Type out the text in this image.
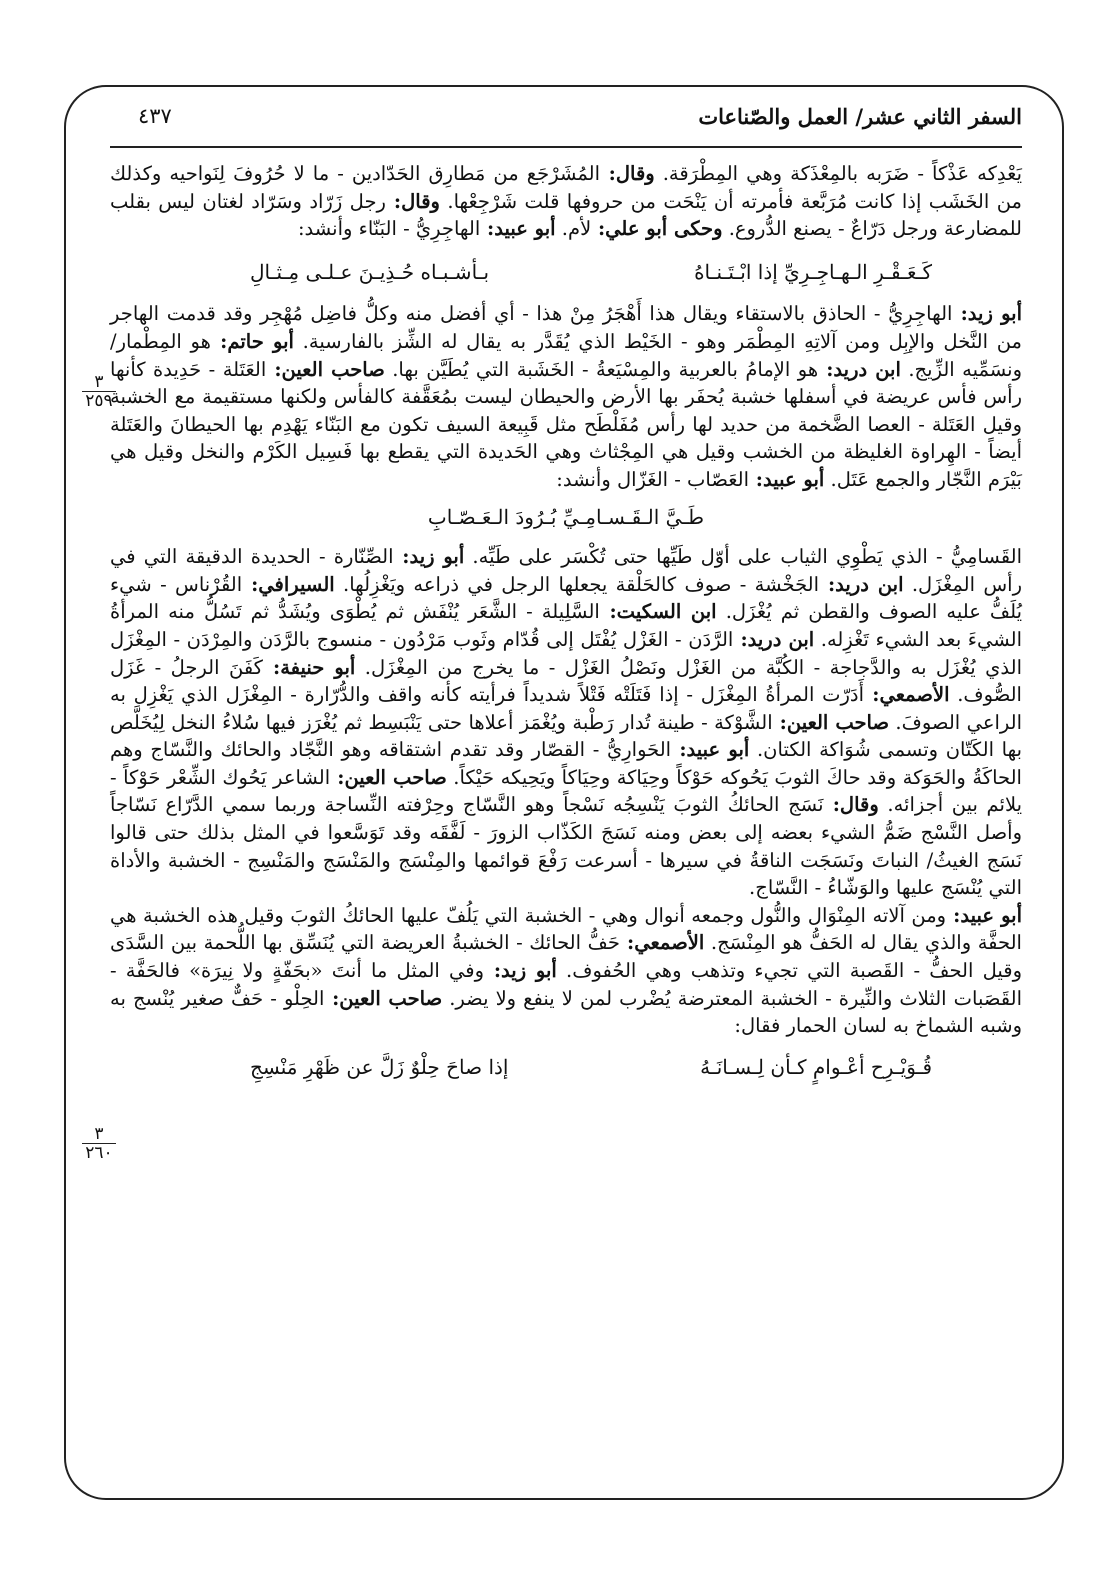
السفر الثاني عشر/ العمل والصّناعات
٤٣٧

يَعْدِكه عَذْكاً - ضَرَبه بالمِعْذَكة وهي المِطْرَقة. وقال: المُشَرْجَع من مَطارِق الحَدّادين - ما لا حُرُوفَ لِنَواحيه وكذلك من الخَشَب إذا كانت مُرَبَّعة فأمرته أن يَنْحَت من حروفها قلت شَرْجِعْها. وقال: رجل زَرّاد وسَرّاد لغتان ليس بقلب للمضارعة ورجل دَرّاعٌ - يصنع الدُّروع. وحكى أبو علي: لأم. أبو عبيد: الهاجِرِيُّ - البَنّاء وأنشد:

كَـعَـقْـرِ الـهـاجِـرِيِّ إذا ابْـتَـنـاهُ
بـأشـبـاه حُـذِيـنَ عـلـى مِـثـالِ

أبو زيد: الهاجِرِيُّ - الحاذق بالاستقاء ويقال هذا أَهْجَرُ مِنْ هذا - أي أفضل منه وكلُّ فاضِل مُهْجِر وقد قدمت الهاجر من النَّخل والإبِل ومن آلاتِهِ المِطْمَر وهو - الخَيْط الذي يُقَدَّر به يقال له الشِّز بالفارسية. أبو حاتم: هو المِطْمار/ ونسَمِّيه الزِّيج. ابن دريد: هو الإمامُ بالعربية والمِسْيَعةُ - الخَشَبة التي يُطَيَّن بها. صاحب العين: العَتَلة - حَدِيدة كأنها رأس فأس عريضة في أسفلها خشبة يُحفَر بها الأرض والحيطان ليست بمُعَقَّفة كالفأس ولكنها مستقيمة مع الخشبة وقيل العَتَلة - العصا الضَّخمة من حديد لها رأس مُفَلْطَح مثل قَبِيعة السيف تكون مع البَنّاء يَهْدِم بها الحيطانَ والعَتَلة أيضاً - الهِراوة الغليظة من الخشب وقيل هي المِجْثاث وهي الحَديدة التي يقطع بها فَسِيل الكَرْم والنخل وقيل هي بَيْرَم النَّجّار والجمع عَتَل. أبو عبيد: العَصّاب - الغَزّال وأنشد:

طَـيَّ الـقَـسـامِـيِّ بُـرُودَ الـعَـصّـابِ

القَسامِيُّ - الذي يَطْوِي الثياب على أوّل طَيِّها حتى تُكْسَر على طَيِّه. أبو زيد: الصِّنّارة - الحديدة الدقيقة التي في رأس المِغْزَل. ابن دريد: الجَخْشة - صوف كالحَلْقة يجعلها الرجل في ذراعه ويَغْزِلُها. السيرافي: القُرْناس - شيء يُلَفُّ عليه الصوف والقطن ثم يُغْزَل. ابن السكيت: السَّلِيلة - الشَّعَر يُنْفَش ثم يُطْوَى ويُشَدُّ ثم تَسُلُّ منه المرأةُ الشيءَ بعد الشيء تَغْزِله. ابن دريد: الرَّدَن - الغَزْل يُفْتَل إلى قُدّام وثَوب مَرْدُون - منسوج بالرَّدَن والمِرْدَن - المِغْزَل الذي يُغْزَل به والدَّجاجة - الكُبَّة من الغَزْل ونَصْلُ الغَزْل - ما يخرج من المِغْزَل. أبو حنيفة: كَفَنَ الرجلُ - غَزَل الصُّوف. الأصمعي: أَدَرّت المرأةُ المِغْزَل - إذا فَتَلَتْه فَتْلاً شديداً فرأيته كأنه واقف والدُّرّارة - المِغْزَل الذي يَغْزِل به الراعي الصوفَ. صاحب العين: الشَّوْكة - طينة تُدار رَطْبة ويُغْمَز أعلاها حتى يَنْبَسِط ثم يُغْرَز فيها سُلاءُ النخل لِيُخَلَّص بها الكَتّان وتسمى شُوَاكة الكتان. أبو عبيد: الحَوارِيُّ - القصّار وقد تقدم اشتقاقه وهو النَّجّاد والحائك والنَّسّاج وهم الحاكَةُ والحَوَكة وقد حاكَ الثوبَ يَحُوكه حَوْكاً وحِيَاكة وحِيَاكاً ويَحِيكه حَيْكاً. صاحب العين: الشاعر يَحُوك الشِّعْر حَوْكاً - يلائم بين أجزائه. وقال: نَسَج الحائكُ الثوبَ يَنْسِجُه نَسْجاً وهو النَّسّاج وحِرْفته النِّساجة وربما سمي الدَّرّاع نَسّاجاً وأصل النَّسْج ضَمُّ الشيء بعضه إلى بعض ومنه نَسَجَ الكَذّاب الزورَ - لَفَّقَه وقد تَوَسَّعوا في المثل بذلك حتى قالوا نَسَج الغيثُ/ النباتَ ونَسَجَت الناقةُ في سيرها - أسرعت رَفْعَ قوائمها والمِنْسَج والمَنْسَج والمَنْسِج - الخشبة والأداة التي يُنْسَج عليها والوَشّاءُ - النَّسّاج.

أبو عبيد: ومن آلاته المِنْوَال والنُّول وجمعه أنوال وهي - الخشبة التي يَلُفّ عليها الحائكُ الثوبَ وقيل هذه الخشبة هي الحفَّة والذي يقال له الحَفُّ هو المِنْسَج. الأصمعي: حَفُّ الحائك - الخشبةُ العريضة التي يُنَسِّق بها اللُّحمة بين السَّدَى وقيل الحفُّ - القَصبة التي تجيء وتذهب وهي الحُفوف. أبو زيد: وفي المثل ما أنتَ «بحَفّةٍ ولا نِيرَة» فالحَفَّة - القَصَبات الثلاث والنِّيرة - الخشبة المعترضة يُضْرب لمن لا ينفع ولا يضر. صاحب العين: الحِلْو - حَفٌّ صغير يُنْسج به وشبه الشماخ به لسان الحمار فقال:

قُـوَيْـرِح أعْـوامٍ كـأن لِـسـانَـهُ
إذا صاحَ حِلْوٌ زَلَّ عن ظَهْرِ مَنْسِجِ
٣
٢٥٩
٣
٢٦٠
